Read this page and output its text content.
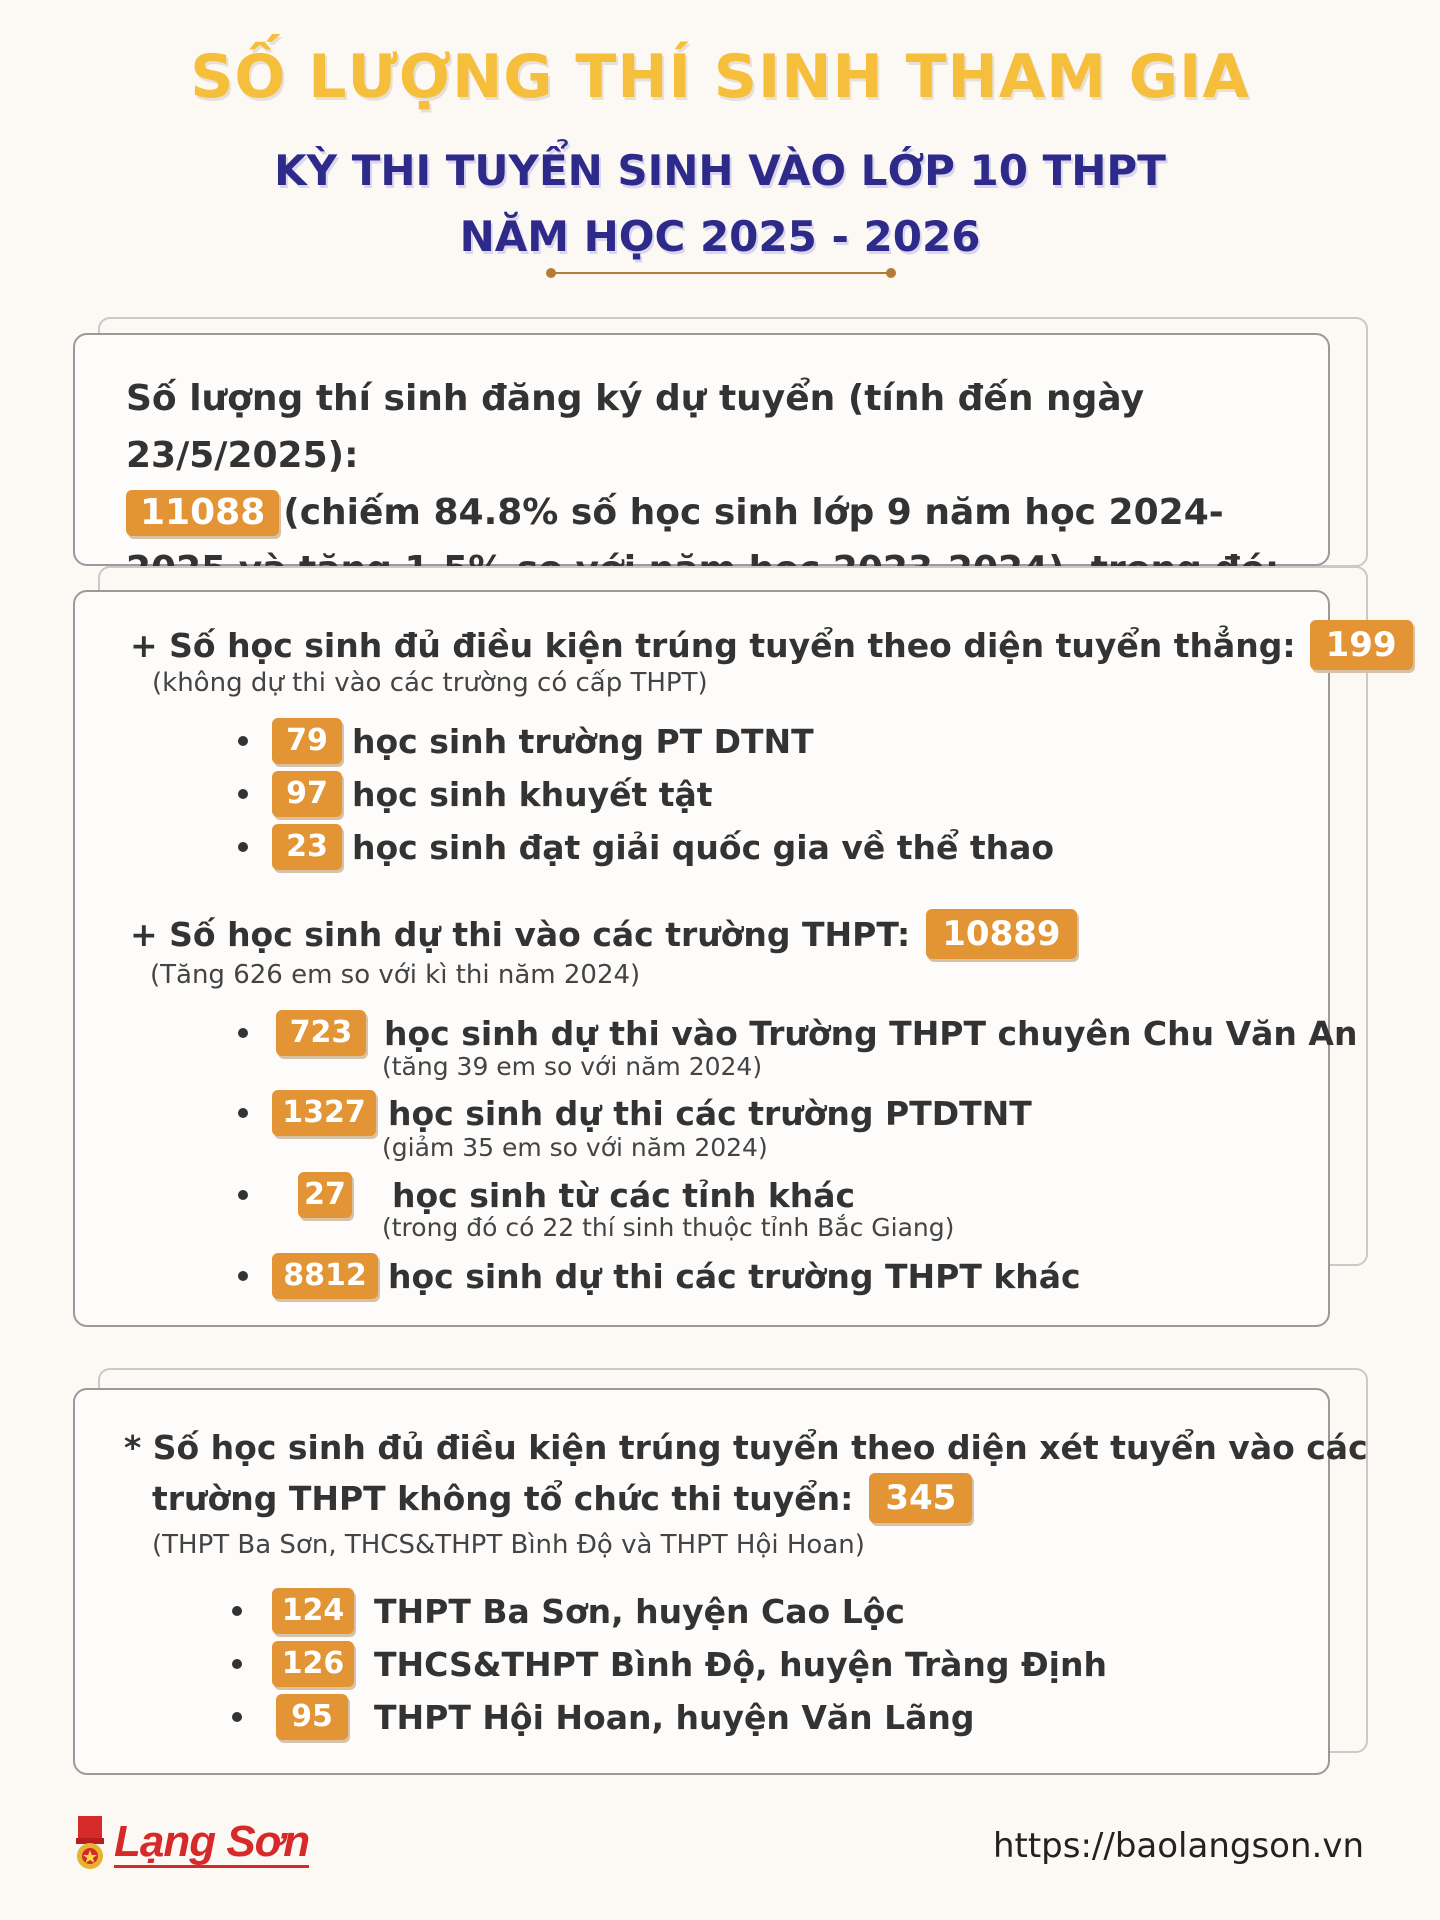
SỐ LƯỢNG THÍ SINH THAM GIA
KỲ THI TUYỂN SINH VÀO LỚP 10 THPT
NĂM HỌC 2025 - 2026
Số lượng thí sinh đăng ký dự tuyển (tính đến ngày 23/5/2025):
11088 (chiếm 84.8% số học sinh lớp 9 năm học 2024-
+ Số học sinh đủ điều kiện trúng tuyển theo diện tuyển thẳng: 199
(không dự thi vào các trường có cấp THPT)
79 học sinh trường PT DTNT
97 học sinh khuyết tật
23 học sinh đạt giải quốc gia về thể thao
+ Số học sinh dự thi vào các trường THPT: 10889
(Tăng 626 em so với kì thi năm 2024)
723 học sinh dự thi vào Trường THPT chuyên Chu Văn An
(tăng 39 em so với năm 2024)
1327 học sinh dự thi các trường PTDTNT
(giảm 35 em so với năm 2024)
27 học sinh từ các tỉnh khác
(trong đó có 22 thí sinh thuộc tỉnh Bắc Giang)
8812 học sinh dự thi các trường THPT khác
* Số học sinh đủ điều kiện trúng tuyển theo diện xét tuyển vào các
trường THPT không tổ chức thi tuyển: 345
(THPT Ba Sơn, THCS&THPT Bình Độ và THPT Hội Hoan)
124 THPT Ba Sơn, huyện Cao Lộc
126 THCS&THPT Bình Độ, huyện Tràng Định
95	THPT Hội Hoan, huyện Văn Lãng
Lạng Sơn	https://baolangson.vn
